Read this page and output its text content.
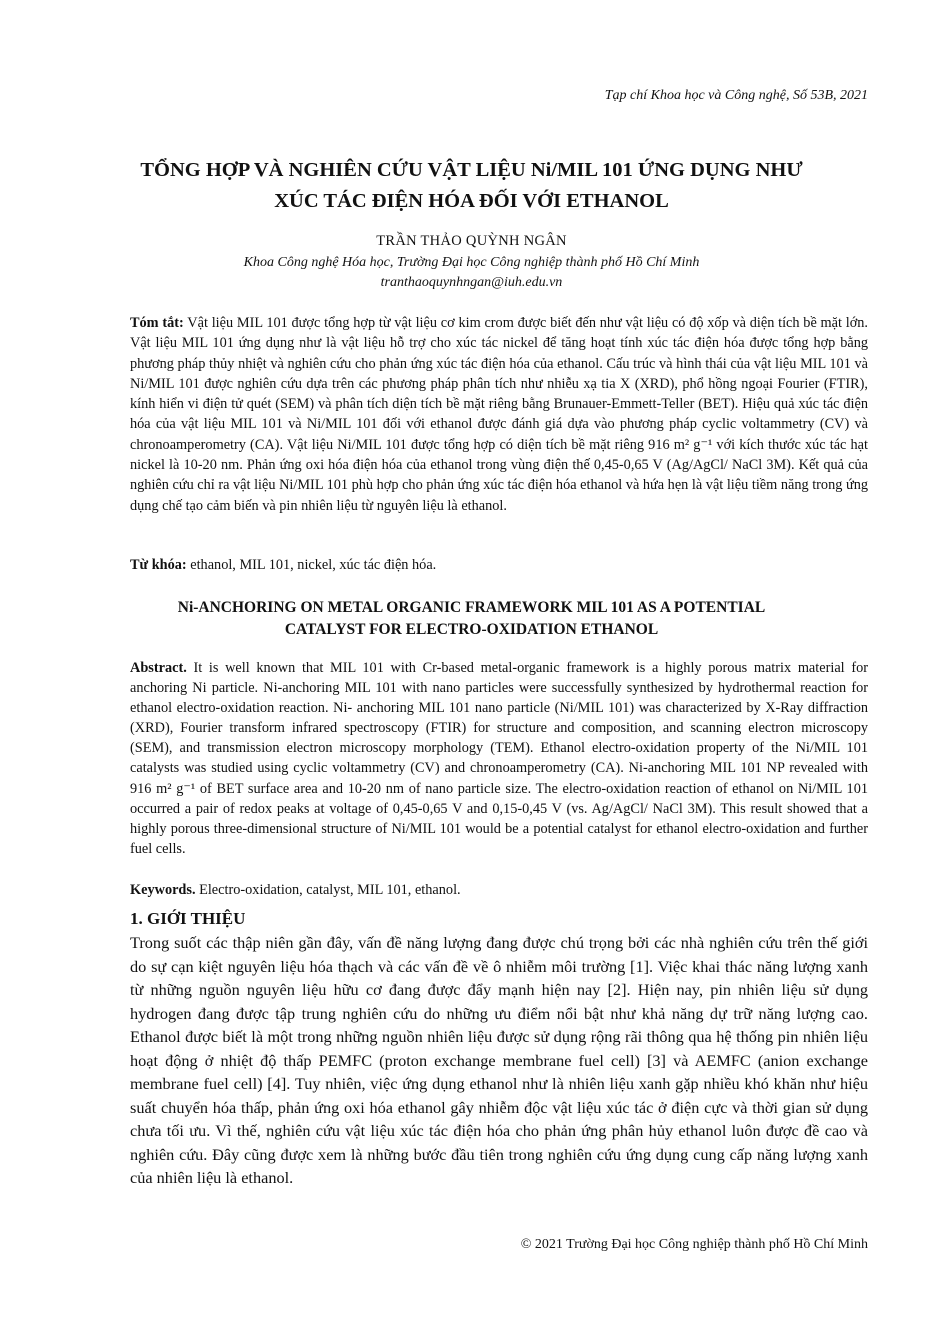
Tạp chí Khoa học và Công nghệ, Số 53B, 2021
TỔNG HỢP VÀ NGHIÊN CỨU VẬT LIỆU Ni/MIL 101 ỨNG DỤNG NHƯ
XÚC TÁC ĐIỆN HÓA ĐỐI VỚI ETHANOL
TRẦN THẢO QUỲNH NGÂN
Khoa Công nghệ Hóa học, Trường Đại học Công nghiệp thành phố Hồ Chí Minh
tranthaoquynhngan@iuh.edu.vn
Tóm tắt: Vật liệu MIL 101 được tổng hợp từ vật liệu cơ kim crom được biết đến như vật liệu có độ xốp và diện tích bề mặt lớn. Vật liệu MIL 101 ứng dụng như là vật liệu hỗ trợ cho xúc tác nickel để tăng hoạt tính xúc tác điện hóa được tổng hợp bằng phương pháp thủy nhiệt và nghiên cứu cho phản ứng xúc tác điện hóa của ethanol. Cấu trúc và hình thái của vật liệu MIL 101 và Ni/MIL 101 được nghiên cứu dựa trên các phương pháp phân tích như nhiễu xạ tia X (XRD), phổ hồng ngoại Fourier (FTIR), kính hiển vi điện tử quét (SEM) và phân tích diện tích bề mặt riêng bằng Brunauer-Emmett-Teller (BET). Hiệu quả xúc tác điện hóa của vật liệu MIL 101 và Ni/MIL 101 đối với ethanol được đánh giá dựa vào phương pháp cyclic voltammetry (CV) và chronoamperometry (CA). Vật liệu Ni/MIL 101 được tổng hợp có diện tích bề mặt riêng 916 m² g⁻¹ với kích thước xúc tác hạt nickel là 10-20 nm. Phản ứng oxi hóa điện hóa của ethanol trong vùng điện thế 0,45-0,65 V (Ag/AgCl/ NaCl 3M). Kết quả của nghiên cứu chỉ ra vật liệu Ni/MIL 101 phù hợp cho phản ứng xúc tác điện hóa ethanol và hứa hẹn là vật liệu tiềm năng trong ứng dụng chế tạo cảm biến và pin nhiên liệu từ nguyên liệu là ethanol.
Từ khóa: ethanol, MIL 101, nickel, xúc tác điện hóa.
Ni-ANCHORING ON METAL ORGANIC FRAMEWORK MIL 101 AS A POTENTIAL
CATALYST FOR ELECTRO-OXIDATION ETHANOL
Abstract. It is well known that MIL 101 with Cr-based metal-organic framework is a highly porous matrix material for anchoring Ni particle. Ni-anchoring MIL 101 with nano particles were successfully synthesized by hydrothermal reaction for ethanol electro-oxidation reaction. Ni- anchoring MIL 101 nano particle (Ni/MIL 101) was characterized by X-Ray diffraction (XRD), Fourier transform infrared spectroscopy (FTIR) for structure and composition, and scanning electron microscopy (SEM), and transmission electron microscopy morphology (TEM). Ethanol electro-oxidation property of the Ni/MIL 101 catalysts was studied using cyclic voltammetry (CV) and chronoamperometry (CA). Ni-anchoring MIL 101 NP revealed with 916 m² g⁻¹ of BET surface area and 10-20 nm of nano particle size. The electro-oxidation reaction of ethanol on Ni/MIL 101 occurred a pair of redox peaks at voltage of 0,45-0,65 V and 0,15-0,45 V (vs. Ag/AgCl/ NaCl 3M). This result showed that a highly porous three-dimensional structure of Ni/MIL 101 would be a potential catalyst for ethanol electro-oxidation and further fuel cells.
Keywords. Electro-oxidation, catalyst, MIL 101, ethanol.
1. GIỚI THIỆU
Trong suốt các thập niên gần đây, vấn đề năng lượng đang được chú trọng bởi các nhà nghiên cứu trên thế giới do sự cạn kiệt nguyên liệu hóa thạch và các vấn đề về ô nhiễm môi trường [1]. Việc khai thác năng lượng xanh từ những nguồn nguyên liệu hữu cơ đang được đẩy mạnh hiện nay [2]. Hiện nay, pin nhiên liệu sử dụng hydrogen đang được tập trung nghiên cứu do những ưu điểm nổi bật như khả năng dự trữ năng lượng cao. Ethanol được biết là một trong những nguồn nhiên liệu được sử dụng rộng rãi thông qua hệ thống pin nhiên liệu hoạt động ở nhiệt độ thấp PEMFC (proton exchange membrane fuel cell) [3] và AEMFC (anion exchange membrane fuel cell) [4]. Tuy nhiên, việc ứng dụng ethanol như là nhiên liệu xanh gặp nhiều khó khăn như hiệu suất chuyển hóa thấp, phản ứng oxi hóa ethanol gây nhiễm độc vật liệu xúc tác ở điện cực và thời gian sử dụng chưa tối ưu. Vì thế, nghiên cứu vật liệu xúc tác điện hóa cho phản ứng phân hủy ethanol luôn được đề cao và nghiên cứu. Đây cũng được xem là những bước đầu tiên trong nghiên cứu ứng dụng cung cấp năng lượng xanh của nhiên liệu là ethanol.
© 2021 Trường Đại học Công nghiệp thành phố Hồ Chí Minh
